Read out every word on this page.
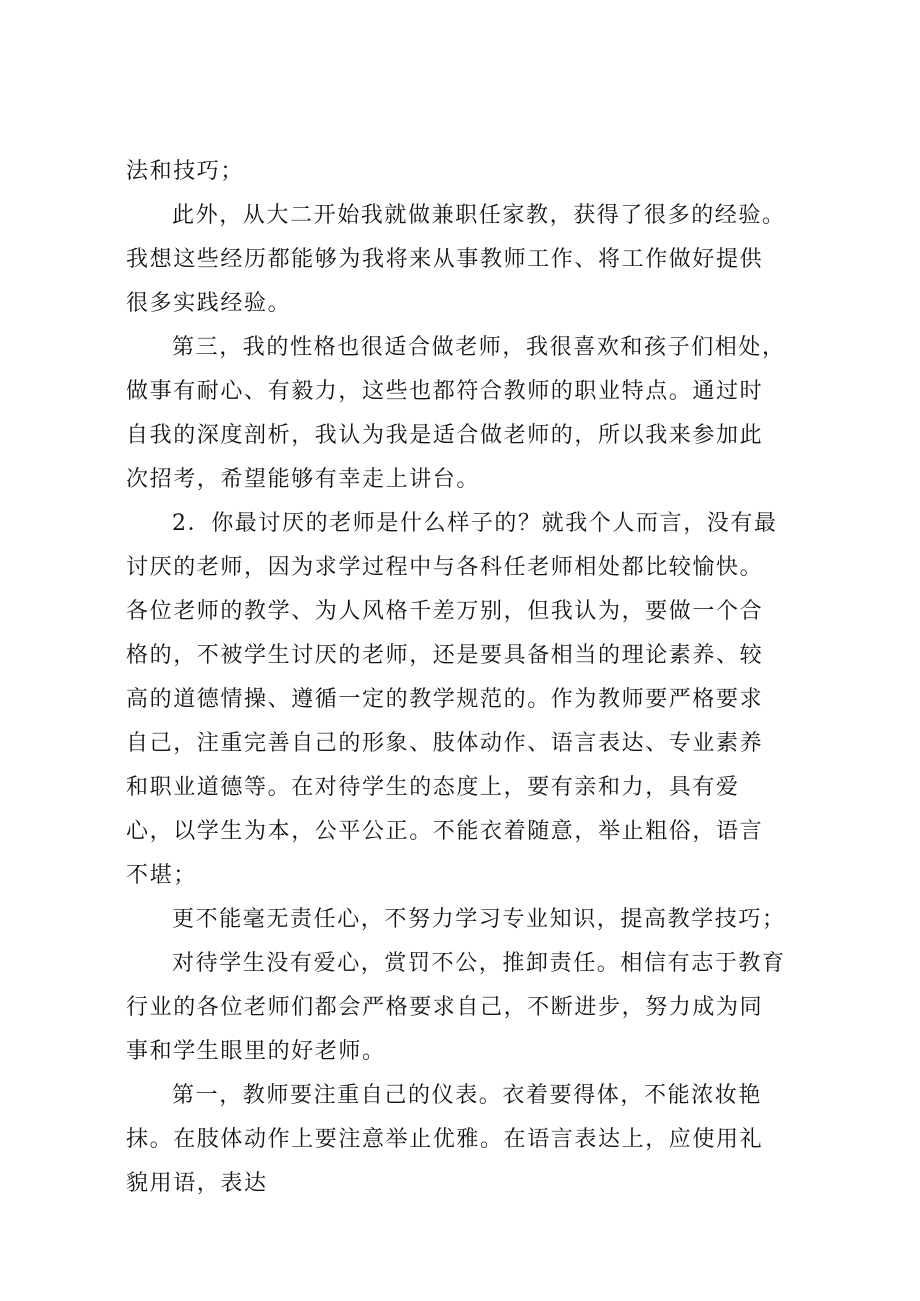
法和技巧；

此外，从大二开始我就做兼职任家教，获得了很多的经验。我想这些经历都能够为我将来从事教师工作、将工作做好提供很多实践经验。

第三，我的性格也很适合做老师，我很喜欢和孩子们相处，做事有耐心、有毅力，这些也都符合教师的职业特点。通过时自我的深度剖析，我认为我是适合做老师的，所以我来参加此次招考，希望能够有幸走上讲台。

2．你最讨厌的老师是什么样子的？就我个人而言，没有最讨厌的老师，因为求学过程中与各科任老师相处都比较愉快。各位老师的教学、为人风格千差万别，但我认为，要做一个合格的，不被学生讨厌的老师，还是要具备相当的理论素养、较高的道德情操、遵循一定的教学规范的。作为教师要严格要求自己，注重完善自己的形象、肢体动作、语言表达、专业素养和职业道德等。在对待学生的态度上，要有亲和力，具有爱心，以学生为本，公平公正。不能衣着随意，举止粗俗，语言不堪；

更不能毫无责任心，不努力学习专业知识，提高教学技巧；

对待学生没有爱心，赏罚不公，推卸责任。相信有志于教育行业的各位老师们都会严格要求自己，不断进步，努力成为同事和学生眼里的好老师。

第一，教师要注重自己的仪表。衣着要得体，不能浓妆艳抹。在肢体动作上要注意举止优雅。在语言表达上，应使用礼貌用语，表达
